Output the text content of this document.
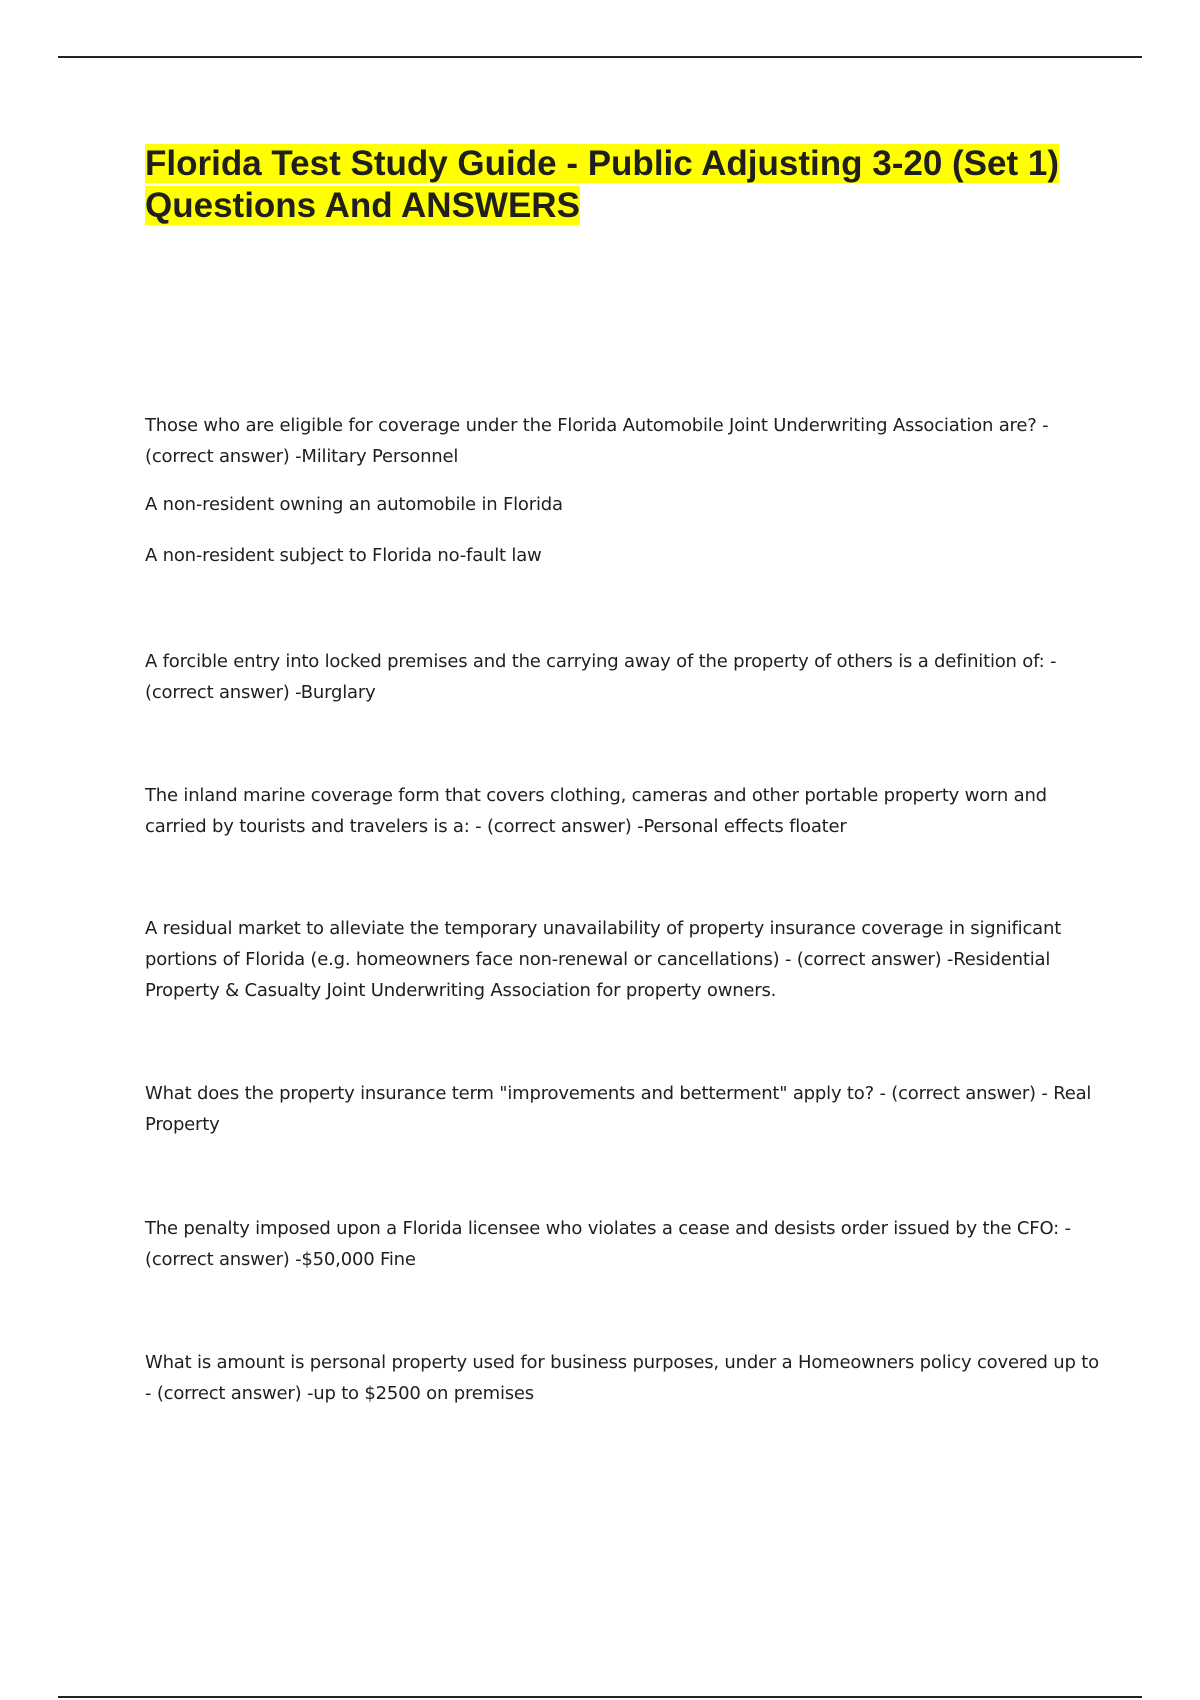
Florida Test Study Guide - Public Adjusting 3-20 (Set 1) Questions And ANSWERS

Those who are eligible for coverage under the Florida Automobile Joint Underwriting Association are? - (correct answer) -Military Personnel

A non-resident owning an automobile in Florida

A non-resident subject to Florida no-fault law

A forcible entry into locked premises and the carrying away of the property of others is a definition of: - (correct answer) -Burglary

The inland marine coverage form that covers clothing, cameras and other portable property worn and carried by tourists and travelers is a: - (correct answer) -Personal effects floater

A residual market to alleviate the temporary unavailability of property insurance coverage in significant portions of Florida (e.g. homeowners face non-renewal or cancellations) - (correct answer) -Residential Property & Casualty Joint Underwriting Association for property owners.

What does the property insurance term "improvements and betterment" apply to? - (correct answer) - Real Property

The penalty imposed upon a Florida licensee who violates a cease and desists order issued by the CFO: - (correct answer) -$50,000 Fine

What is amount is personal property used for business purposes, under a Homeowners policy covered up to - (correct answer) -up to $2500 on premises
